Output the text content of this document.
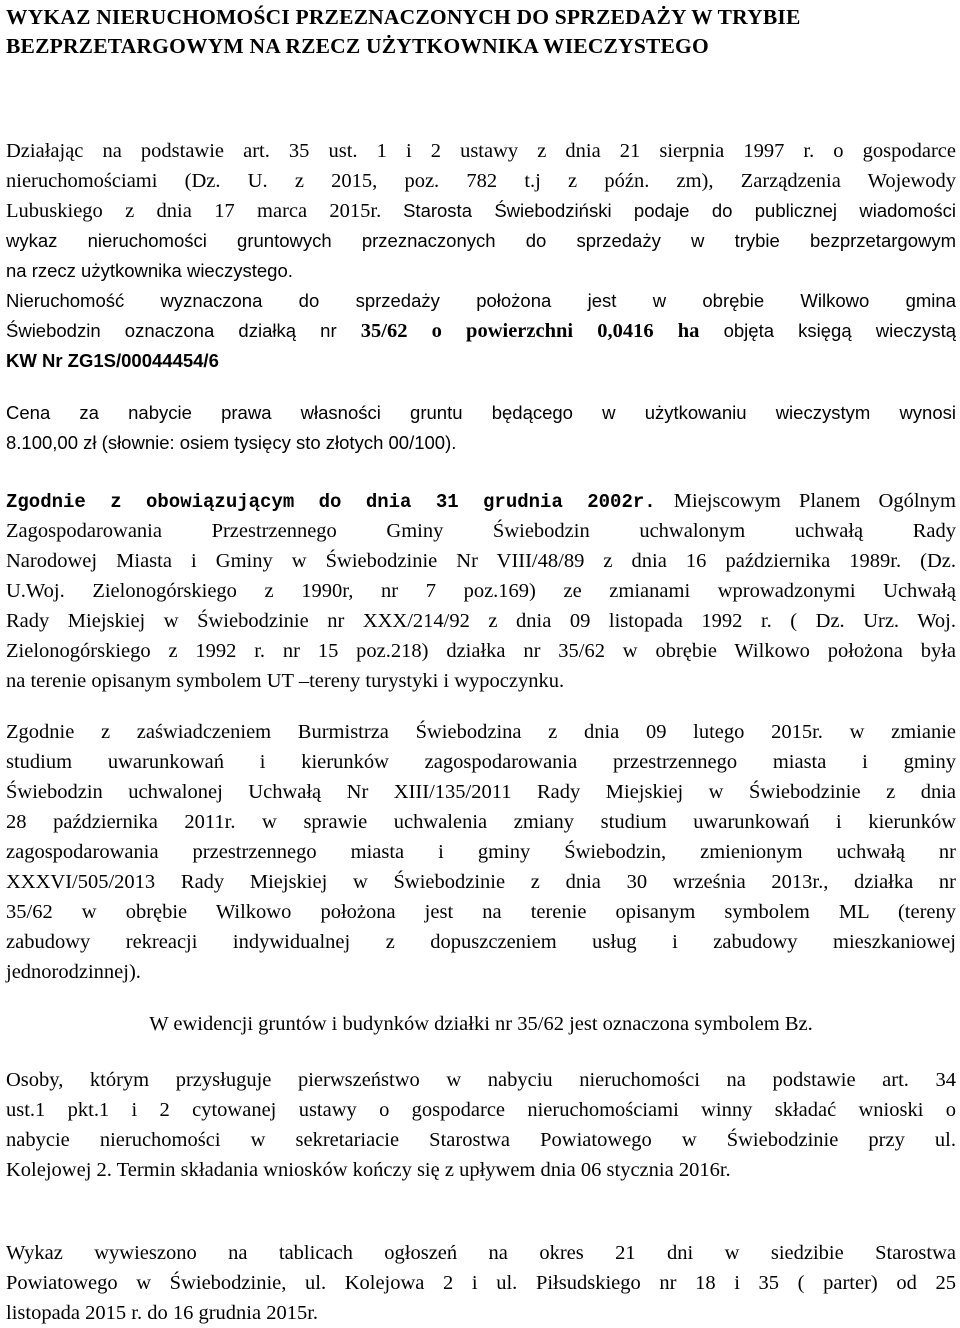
WYKAZ NIERUCHOMOŚCI PRZEZNACZONYCH DO SPRZEDAŻY W TRYBIE
BEZPRZETARGOWYM NA RZECZ UŻYTKOWNIKA WIECZYSTEGO
Działając na podstawie art. 35 ust. 1 i 2 ustawy z dnia 21 sierpnia 1997 r. o gospodarce
nieruchomościami (Dz. U. z 2015, poz. 782 t.j z późn. zm), Zarządzenia Wojewody
Lubuskiego z dnia 17 marca 2015r. Starosta Świebodziński podaje do publicznej wiadomości
wykaz nieruchomości gruntowych przeznaczonych do sprzedaży w trybie bezprzetargowym
na rzecz użytkownika wieczystego.
Nieruchomość wyznaczona do sprzedaży położona jest w obrębie Wilkowo gmina
Świebodzin oznaczona działką nr 35/62 o powierzchni 0,0416 ha objęta księgą wieczystą
KW Nr ZG1S/00044454/6
Cena za nabycie prawa własności gruntu będącego w użytkowaniu wieczystym wynosi
8.100,00 zł (słownie: osiem tysięcy sto złotych 00/100).
Zgodnie z obowiązującym do dnia 31 grudnia 2002r. Miejscowym Planem Ogólnym
Zagospodarowania Przestrzennego Gminy Świebodzin uchwalonym uchwałą Rady
Narodowej Miasta i Gminy w Świebodzinie Nr VIII/48/89 z dnia 16 października 1989r. (Dz.
U.Woj. Zielonogórskiego z 1990r, nr 7 poz.169) ze zmianami wprowadzonymi Uchwałą
Rady Miejskiej w Świebodzinie nr XXX/214/92 z dnia 09 listopada 1992 r. ( Dz. Urz. Woj.
Zielonogórskiego z 1992 r. nr 15 poz.218) działka nr 35/62 w obrębie Wilkowo położona była
na terenie opisanym symbolem UT –tereny turystyki i wypoczynku.
Zgodnie z zaświadczeniem Burmistrza Świebodzina z dnia 09 lutego 2015r. w zmianie
studium uwarunkowań i kierunków zagospodarowania przestrzennego miasta i gminy
Świebodzin uchwalonej Uchwałą Nr XIII/135/2011 Rady Miejskiej w Świebodzinie z dnia
28 października 2011r. w sprawie uchwalenia zmiany studium uwarunkowań i kierunków
zagospodarowania przestrzennego miasta i gminy Świebodzin, zmienionym uchwałą nr
XXXVI/505/2013 Rady Miejskiej w Świebodzinie z dnia 30 września 2013r., działka nr
35/62 w obrębie Wilkowo położona jest na terenie opisanym symbolem ML (tereny
zabudowy rekreacji indywidualnej z dopuszczeniem usług i zabudowy mieszkaniowej
jednorodzinnej).
W ewidencji gruntów i budynków działki nr 35/62 jest oznaczona symbolem Bz.
Osoby, którym przysługuje pierwszeństwo w nabyciu nieruchomości na podstawie art. 34
ust.1 pkt.1 i 2 cytowanej ustawy o gospodarce nieruchomościami winny składać wnioski o
nabycie nieruchomości w sekretariacie Starostwa Powiatowego w Świebodzinie przy ul.
Kolejowej 2. Termin składania wniosków kończy się z upływem dnia 06 stycznia 2016r.
Wykaz wywieszono na tablicach ogłoszeń na okres 21 dni w siedzibie Starostwa
Powiatowego w Świebodzinie, ul. Kolejowa 2 i ul. Piłsudskiego nr 18 i 35 ( parter) od 25
listopada 2015 r. do 16 grudnia 2015r.
